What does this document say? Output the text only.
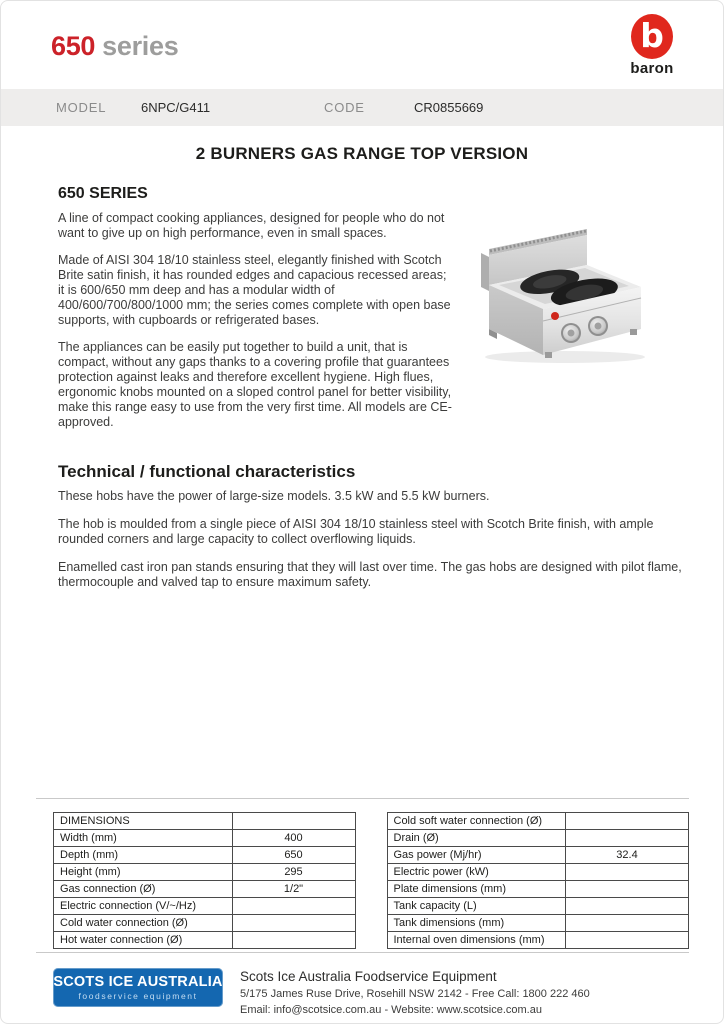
650 series	b
baron
MODEL	6NPC/G411	CODE	CR0855669
2 BURNERS GAS RANGE TOP VERSION
650 SERIES

A line of compact cooking appliances, designed for people who do not want to give up on high performance, even in small spaces.

Made of AISI 304 18/10 stainless steel, elegantly finished with Scotch Brite satin finish, it has rounded edges and capacious recessed areas; it is 600/650 mm deep and has a modular width of 400/600/700/800/1000 mm; the series comes complete with open base supports, with cupboards or refrigerated bases.

The appliances can be easily put together to build a unit, that is compact, without any gaps thanks to a covering profile that guarantees protection against leaks and therefore excellent hygiene. High flues, ergonomic knobs mounted on a sloped control panel for better visibility, make this range easy to use from the very first time. All models are CE-approved.

Technical / functional characteristics

These hobs have the power of large-size models. 3.5 kW and 5.5 kW burners.

The hob is moulded from a single piece of AISI 304 18/10 stainless steel with Scotch Brite finish, with ample rounded corners and large capacity to collect overflowing liquids.

Enamelled cast iron pan stands ensuring that they will last over time. The gas hobs are designed with pilot flame, thermocouple and valved tap to ensure maximum safety.

DIMENSIONS	
Width (mm)	400
Depth (mm)	650
Height (mm)	295
Gas connection (Ø)	1/2"
Electric connection (V/~/Hz)	
Cold water connection (Ø)	
Hot water connection (Ø)	
Cold soft water connection (Ø)	
Drain (Ø)	
Gas power (Mj/hr)	32.4
Electric power (kW)	
Plate dimensions (mm)	
Tank capacity (L)	
Tank dimensions (mm)	
Internal oven dimensions (mm)	
SCOTS ICE AUSTRALIA
foodservice equipment

Scots Ice Australia Foodservice Equipment

5/175 James Ruse Drive, Rosehill NSW 2142 - Free Call: 1800 222 460

Email: info@scotsice.com.au - Website: www.scotsice.com.au
